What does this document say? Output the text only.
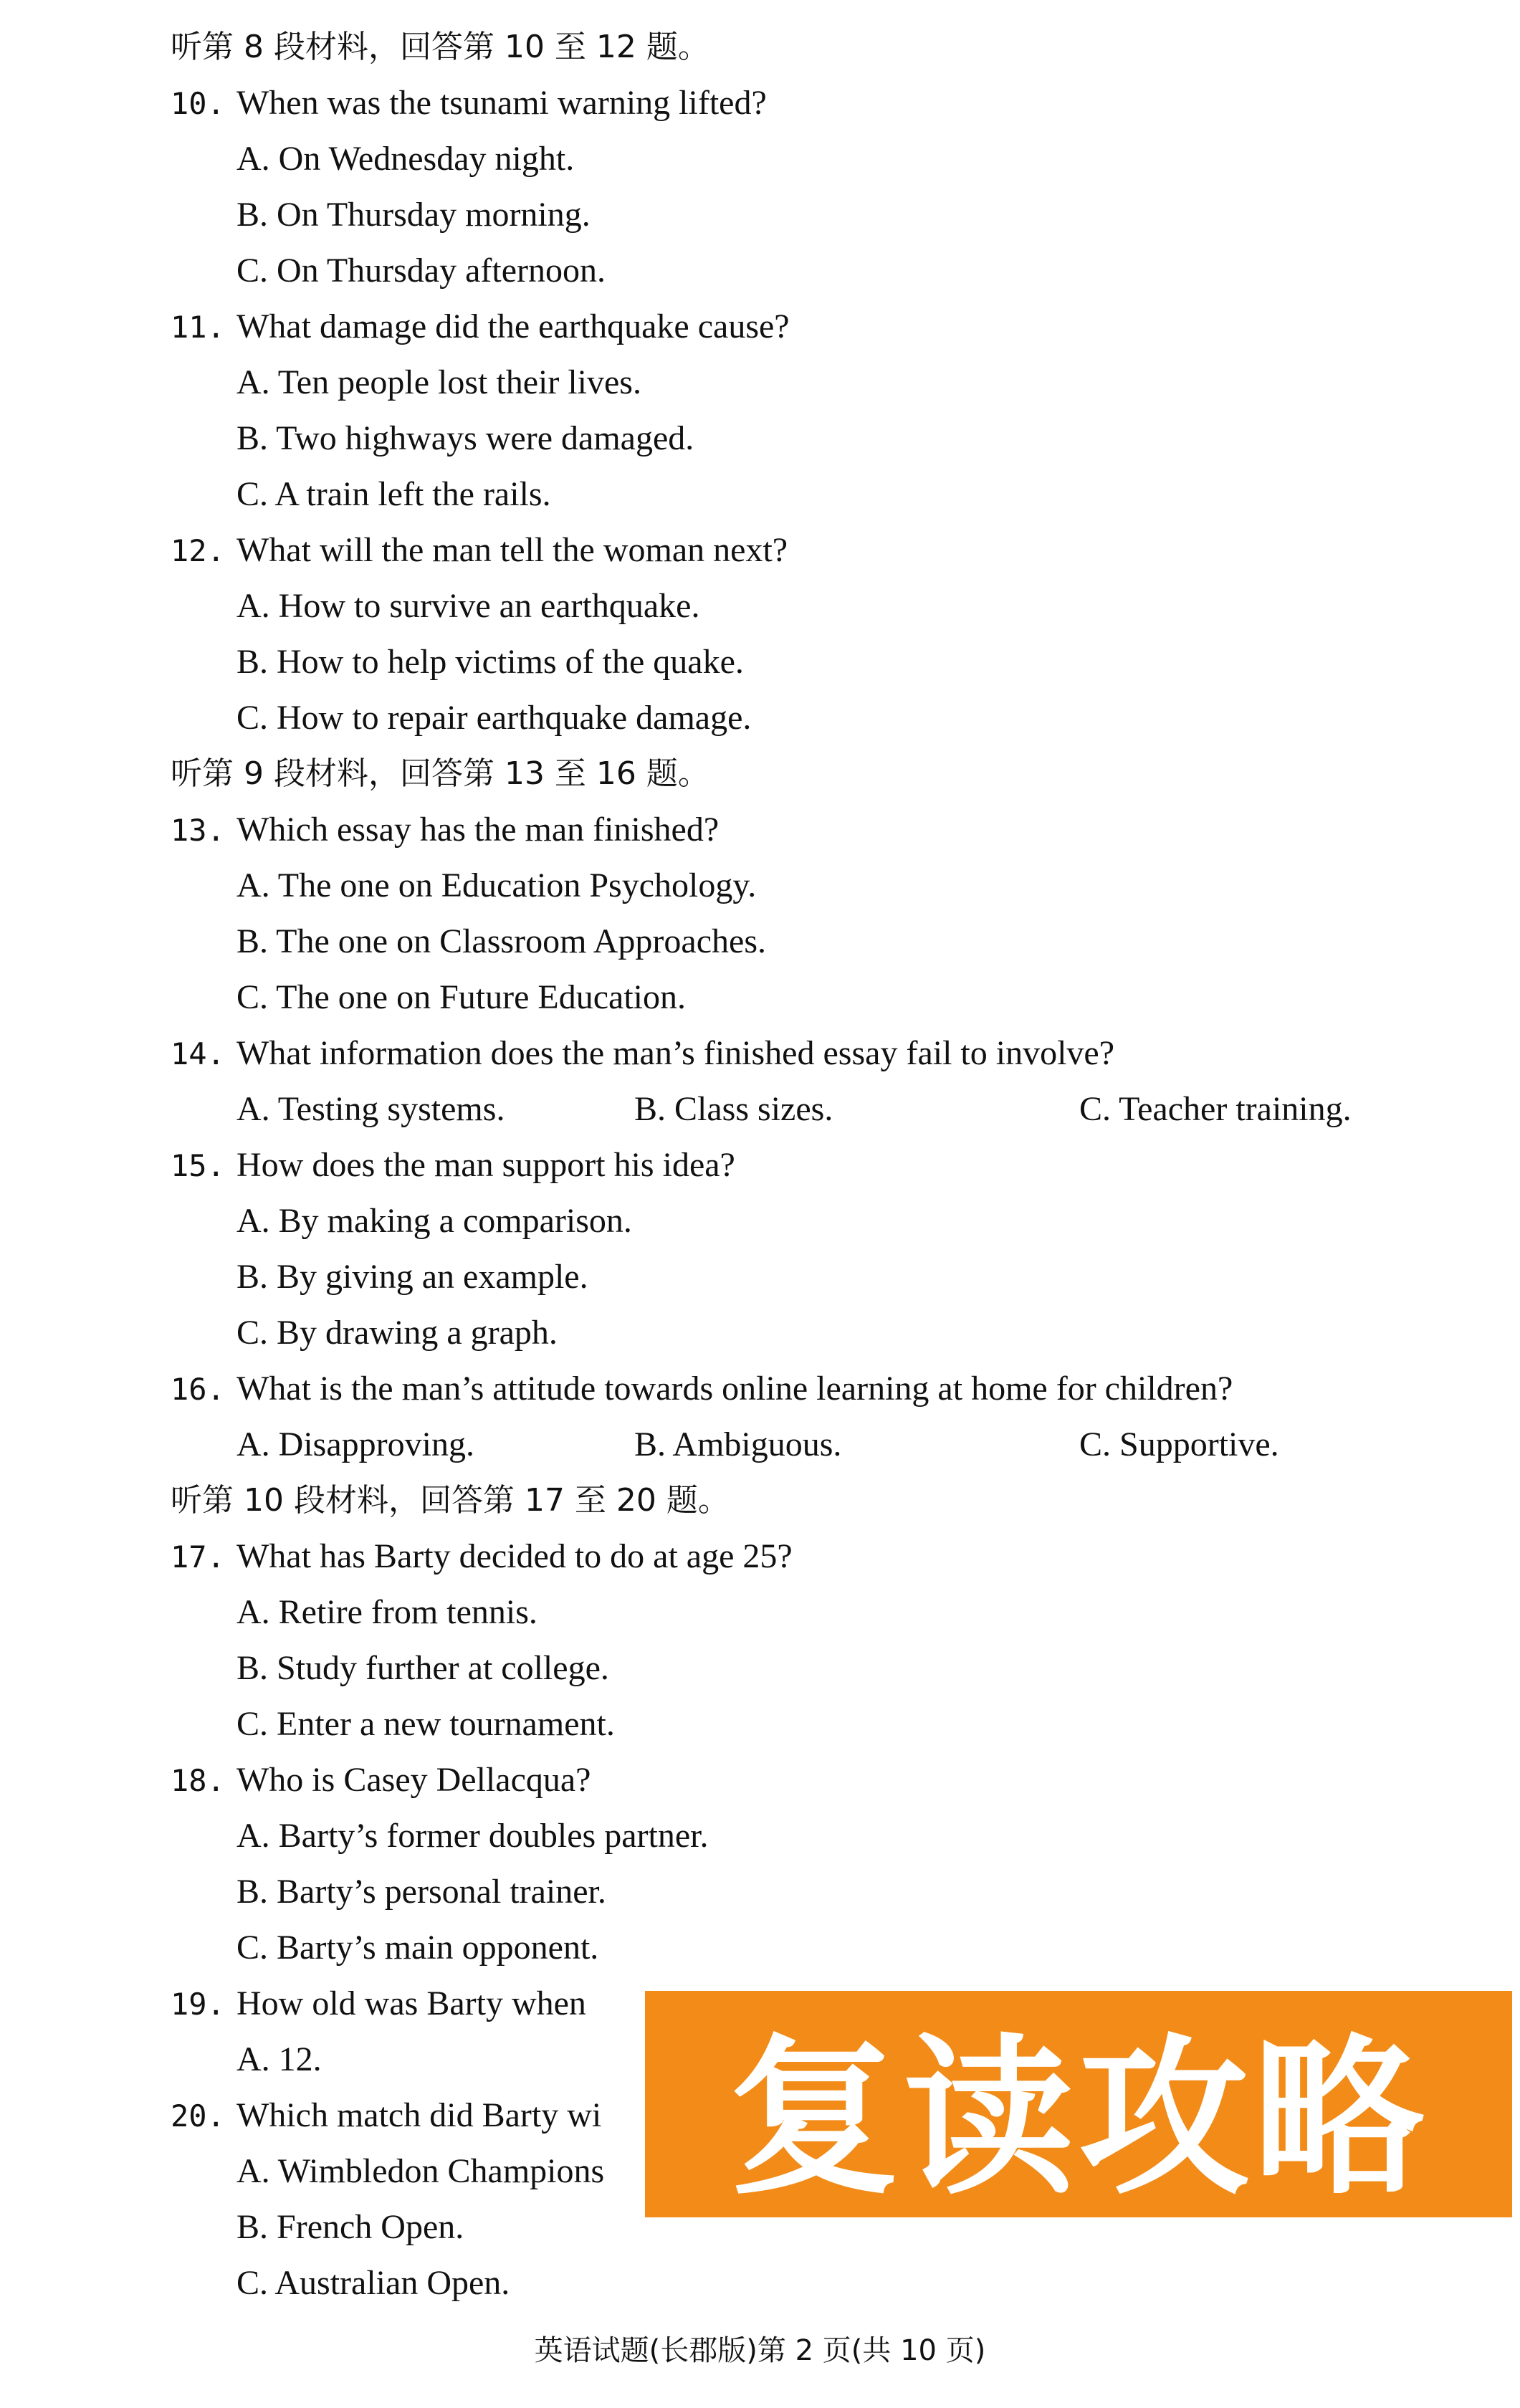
听第 8 段材料，回答第 10 至 12 题。
10. When was the tsunami warning lifted?
A. On Wednesday night.
B. On Thursday morning.
C. On Thursday afternoon.
11. What damage did the earthquake cause?
A. Ten people lost their lives.
B. Two highways were damaged.
C. A train left the rails.
12. What will the man tell the woman next?
A. How to survive an earthquake.
B. How to help victims of the quake.
C. How to repair earthquake damage.
听第 9 段材料，回答第 13 至 16 题。
13. Which essay has the man finished?
A. The one on Education Psychology.
B. The one on Classroom Approaches.
C. The one on Future Education.
14. What information does the man’s finished essay fail to involve?
A. Testing systems.	B. Class sizes.	C. Teacher training.
15. How does the man support his idea?
A. By making a comparison.
B. By giving an example.
C. By drawing a graph.
16. What is the man’s attitude towards online learning at home for children?
A. Disapproving.	B. Ambiguous.	C. Supportive.
听第 10 段材料，回答第 17 至 20 题。
17. What has Barty decided to do at age 25?
A. Retire from tennis.
B. Study further at college.
C. Enter a new tournament.
18. Who is Casey Dellacqua?
A. Barty’s former doubles partner.
B. Barty’s personal trainer.
C. Barty’s main opponent.
19. How old was Barty when
A. 12.
20. Which match did Barty wi
A. Wimbledon Champions
B. French Open.
C. Australian Open.
复读攻略
英语试题(长郡版)第 2 页(共 10 页)
